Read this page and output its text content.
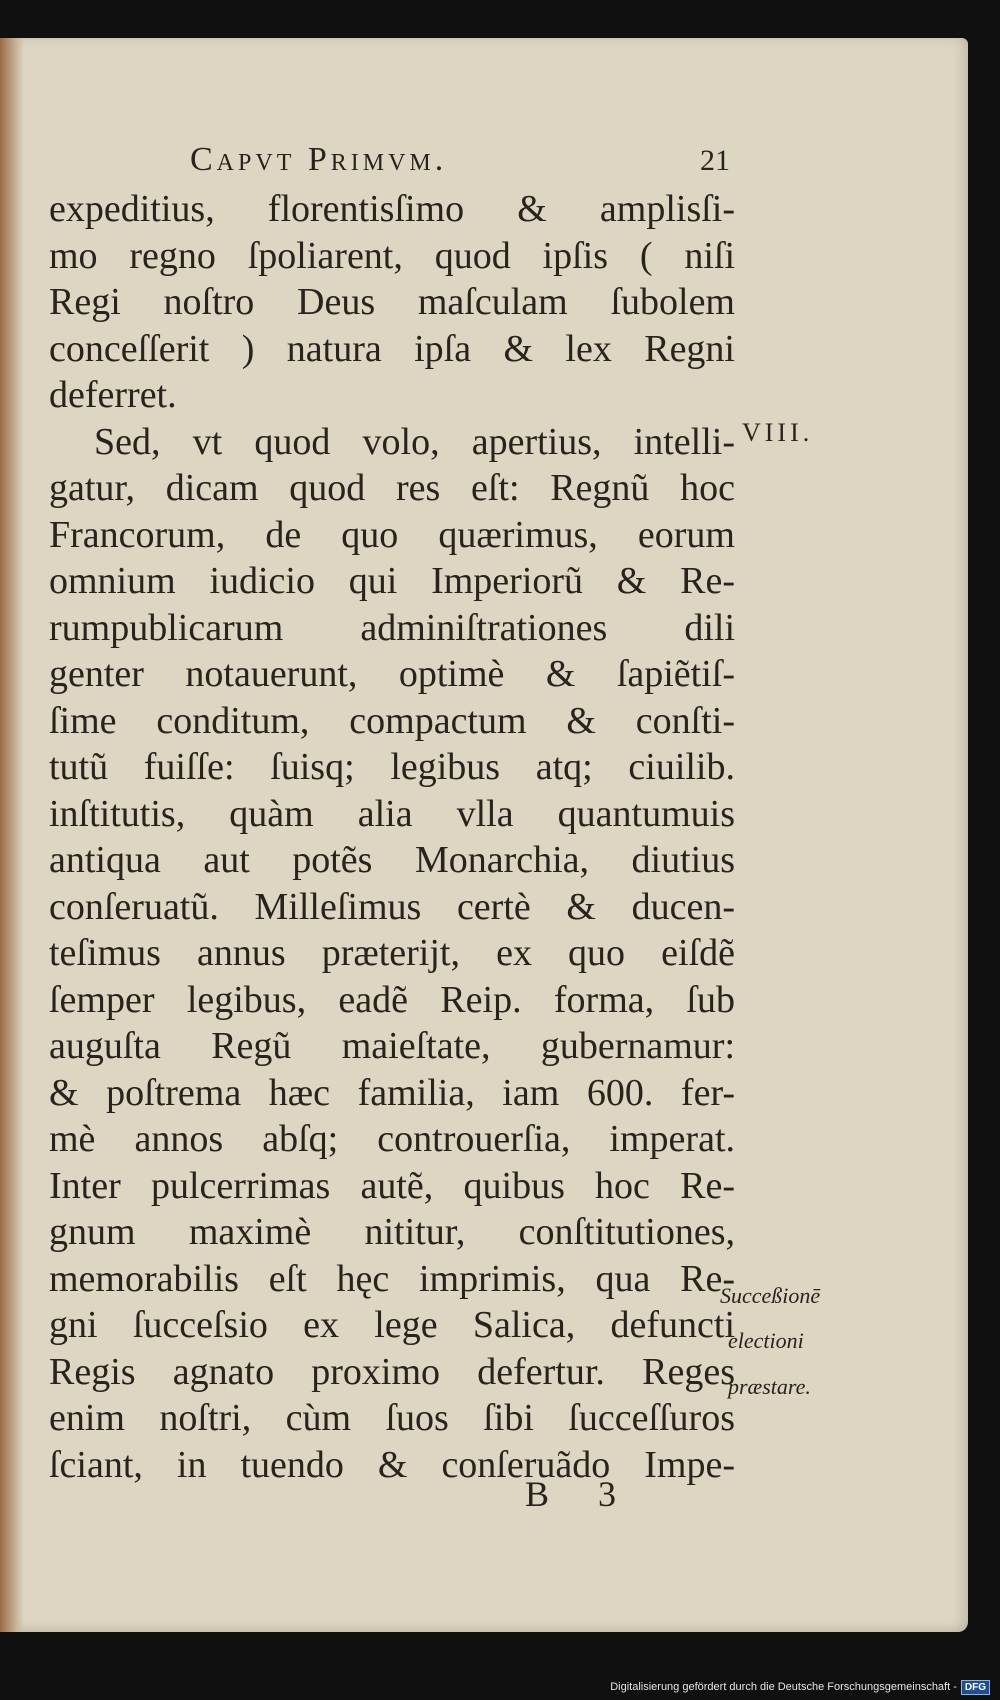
Capvt Primvm.	21
expeditius, florentisſimo & amplisſi-
mo regno ſpoliarent, quod ipſis ( niſi
Regi noſtro Deus maſculam ſubolem
conceſſerit ) natura ipſa & lex Regni
deferret.
Sed, vt quod volo, apertius, intelli-
gatur, dicam quod res eſt: Regnũ hoc
Francorum, de quo quærimus, eorum
omnium iudicio qui Imperiorũ & Re-
rumpublicarum adminiſtrationes dili
genter notauerunt, optimè & ſapiẽtiſ-
ſime conditum, compactum & conſti-
tutũ fuiſſe: ſuisq; legibus atq; ciuilib.
inſtitutis, quàm alia vlla quantumuis
antiqua aut potẽs Monarchia, diutius
conſeruatũ. Milleſimus certè & ducen-
teſimus annus præterijt, ex quo eiſdẽ
ſemper legibus, eadẽ Reip. forma, ſub
auguſta Regũ maieſtate, gubernamur:
& poſtrema hæc familia, iam 600. fer-
mè annos abſq; controuerſia, imperat.
Inter pulcerrimas autẽ, quibus hoc Re-
gnum maximè nititur, conſtitutiones,
memorabilis eſt hęc imprimis, qua Re-
gni ſucceſsio ex lege Salica, defuncti
Regis agnato proximo defertur. Reges
enim noſtri, cùm ſuos ſibi ſucceſſuros
ſciant, in tuendo & conſeruãdo Impe-
VIII.
Succeßionē
electioni
præstare.
B 3
Digitalisierung gefördert durch die Deutsche Forschungsgemeinschaft - DFG
